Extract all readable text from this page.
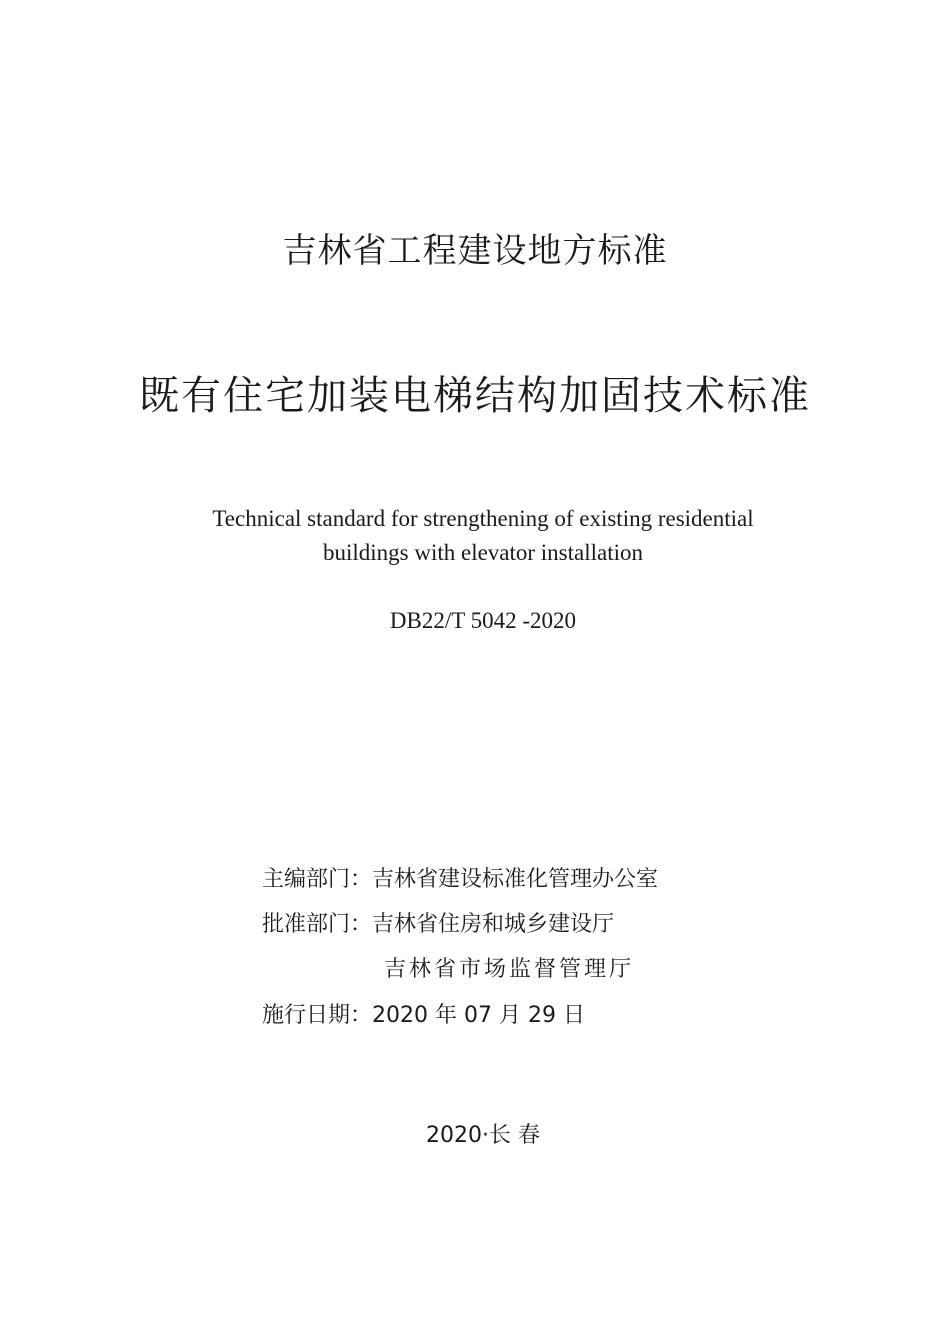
吉林省工程建设地方标准
既有住宅加装电梯结构加固技术标准
Technical standard for strengthening of existing residential
buildings with elevator installation
DB22/T 5042 -2020
主编部门：吉林省建设标准化管理办公室
批准部门：吉林省住房和城乡建设厅
吉林省市场监督管理厅
施行日期：2020 年 07 月 29 日
2020·长 春
